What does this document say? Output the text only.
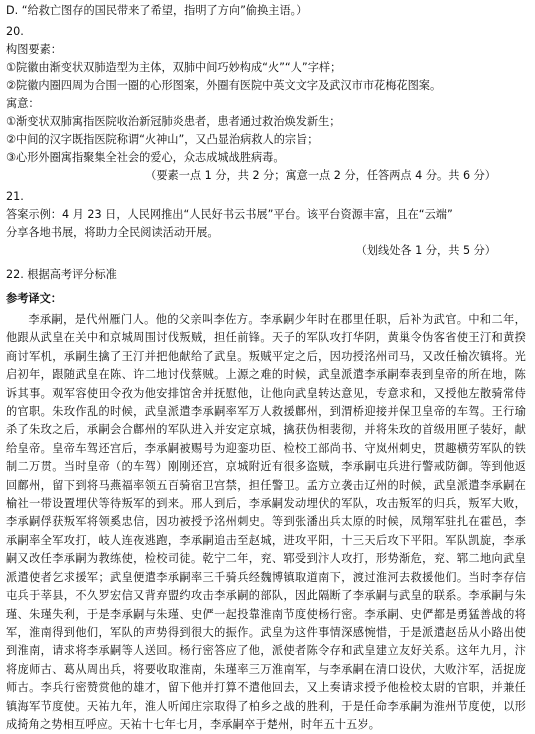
D. “给救亡图存的国民带来了希望，指明了方向”偷换主语。）
20.
构图要素：
①院徽由渐变状双肺造型为主体，双肺中间巧妙构成“火”“人”字样；
②院徽内圈四周为合围一圈的心形图案，外圈有医院中英文文字及武汉市市花梅花图案。
寓意：
①渐变状双肺寓指医院收治新冠肺炎患者，患者通过救治焕发新生；
②中间的汉字既指医院称谓“火神山”，又凸显治病救人的宗旨；
③心形外圈寓指聚集全社会的爱心，众志成城战胜病毒。
（要素一点 1 分，共 2 分；寓意一点 2 分，任答两点 4 分。共 6 分）
21.
答案示例：4 月 23 日，人民网推出“人民好书云书展”平台。该平台资源丰富，且在“云端”
分享各地书展，将助力全民阅读活动开展。
（划线处各 1 分，共 5 分）
22. 根据高考评分标准
参考译文：

李承嗣，是代州雁门人。他的父亲叫李佐方。李承嗣少年时在郡里任职，后补为武官。中和二年，他跟从武皇在关中和京城周围讨伐叛贼，担任前锋。天子的军队攻打华阴，黄巢令伪客省使王汀和黄揆商讨军机，承嗣生擒了王汀并把他献给了武皇。叛贼平定之后，因功授洺州司马，又改任榆次镇将。光启初年，跟随武皇在陈、许二地讨伐蔡贼。上源之难的时候，武皇派遣李承嗣奉表到皇帝的所在地，陈诉其事。观军容使田令孜为他安排馆舍并抚慰他，让他向武皇转达意见，专意求和，又授他左散骑常侍的官职。朱玫作乱的时候，武皇派遣李承嗣率军万人救援鄜州，到渭桥迎接并保卫皇帝的车驾。王行瑜杀了朱玫之后，承嗣会合鄜州的军队进入并安定京城，擒获伪相裴彻，并将朱玫的首级用匣子装好，献给皇帝。皇帝车驾还宫后，李承嗣被赐号为迎銮功臣、检校工部尚书、守岚州刺史，贯趣横劳军队的铁制二万贯。当时皇帝（的车驾）刚刚还宫，京城附近有很多盗贼，李承嗣屯兵进行警戒防御。等到他返回鄜州，留下到将马燕福率领五百骑宿卫宫禁，担任警卫。孟方立袭击辽州的时候，武皇派遣李承嗣在榆社一带设置埋伏等待叛军的到来。邢人到后，李承嗣发动埋伏的军队，攻击叛军的归兵，叛军大败，李承嗣俘获叛军将领奚忠信，因功被授予洺州刺史。等到张潘出兵太原的时候，凤翔军驻扎在霍邑，李承嗣率全军攻打，岐人连夜逃跑，李承嗣追击至赵城，进攻平阳，十三天后攻下平阳。军队凯旋，李承嗣又改任李承嗣为教练使，检校司徒。乾宁二年，兖、郓受到汴人攻打，形势渐危，兖、郓二地向武皇派遣使者乞求援军；武皇便遣李承嗣率三千骑兵经魏博镇取道南下，渡过淮河去救援他们。当时李存信屯兵于莘县，不久罗宏信又背弃盟约攻击李承嗣的部队，因此隔断了李承嗣与武皇的联系。李承嗣与朱瑾、朱瑾失利，于是李承嗣与朱瑾、史俨一起投靠淮南节度使杨行密。李承嗣、史俨都是勇猛善战的将军，淮南得到他们，军队的声势得到很大的振作。武皇为这件事情深感惋惜，于是派遣赵岳从小路出使到淮南，请求将李承嗣等人送回。杨行密答应了他，派使者陈令存和武皇建立友好关系。这年九月，汴将庞师古、葛从周出兵，将要收取淮南，朱瑾率三万淮南军，与李承嗣在清口设伏，大败汴军，活捉庞师古。李兵行密赞赏他的雄才，留下他并打算不遣他回去，又上奏请求授予他检校太尉的官职，并兼任镇海军节度使。天祐九年，淮人听闻庄宗取得了柏乡之战的胜利，于是任命李承嗣为淮州节度使，以形成掎角之势相互呼应。天祐十七年七月，李承嗣卒于楚州，时年五十五岁。
